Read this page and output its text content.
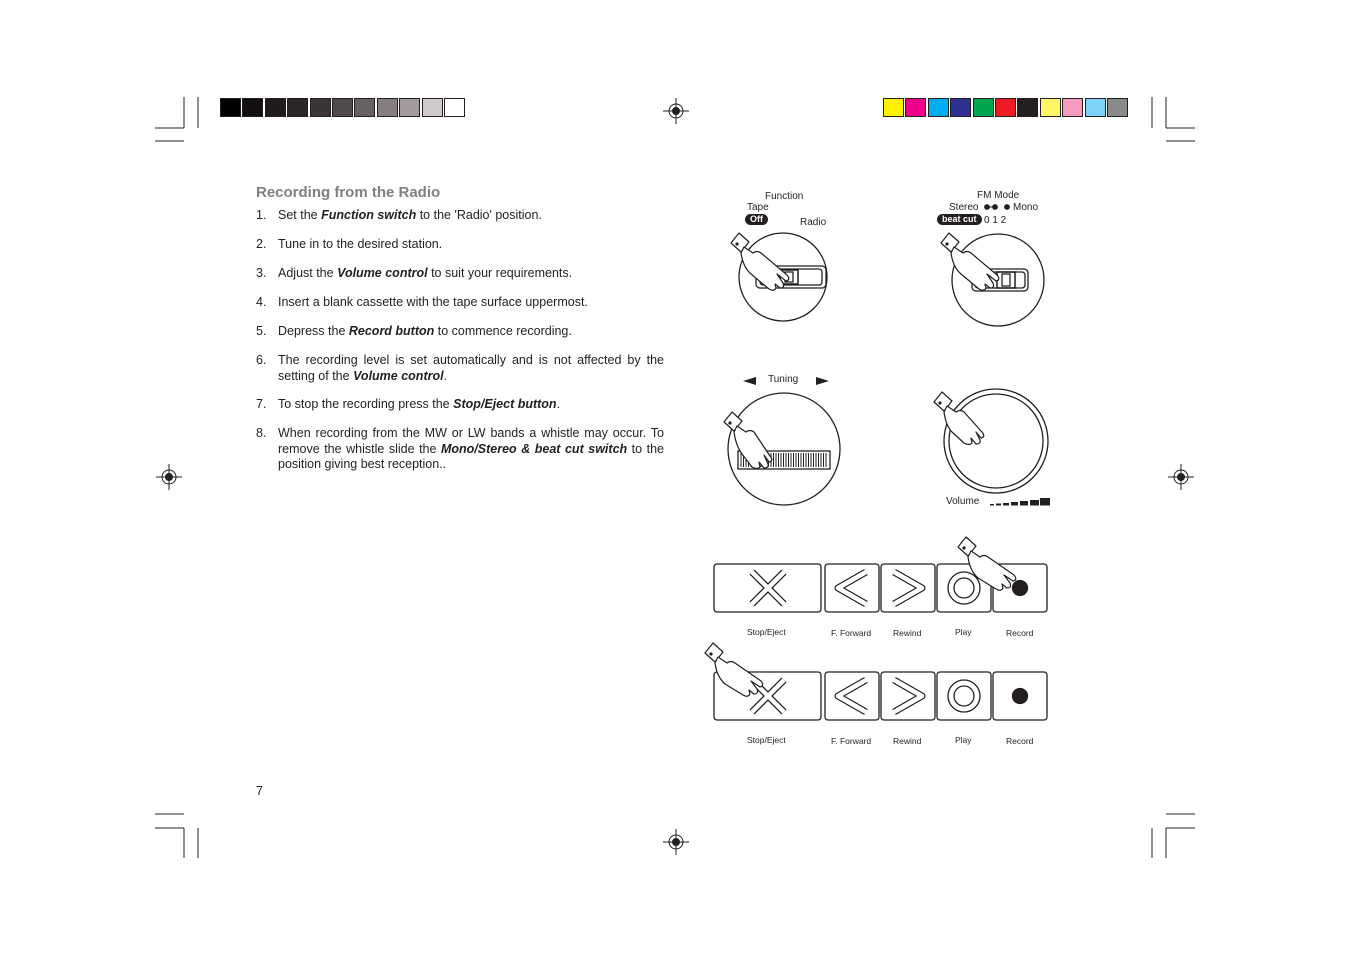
Recording from the Radio
1. Set the Function switch to the 'Radio' position.
2. Tune in to the desired station.
3. Adjust the Volume control to suit your requirements.
4. Insert a blank cassette with the tape surface uppermost.
5. Depress the Record button to commence recording.
6. The recording level is set automatically and is not affected by the setting of the Volume control.
7. To stop the recording press the Stop/Eject button.
8. When recording from the MW or LW bands a whistle may occur. To remove the whistle slide the Mono/Stereo & beat cut switch to the position giving best reception..
7
Function
Tape
Off	Radio
FM Mode
Stereo	Mono
beat cut 0 1 2
Tuning
Volume
Stop/Eject	F. Forward	Rewind	Play	Record
Stop/Eject	F. Forward	Rewind	Play	Record
